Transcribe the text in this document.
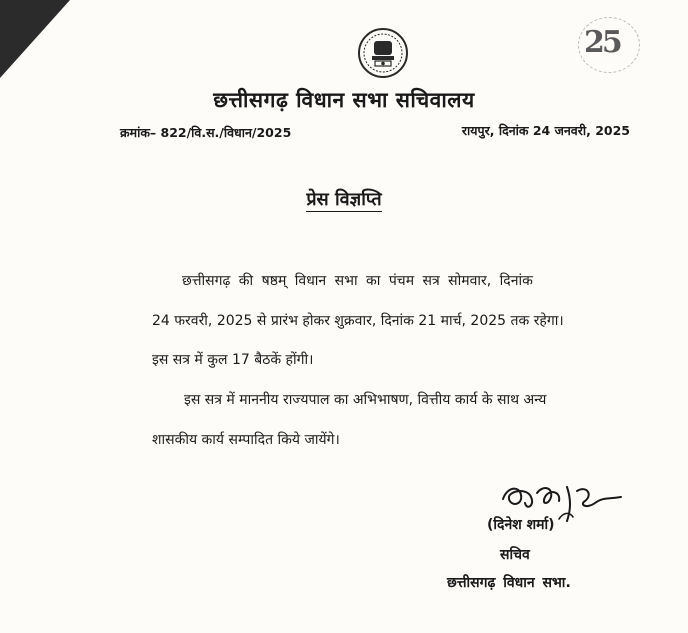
25
छत्तीसगढ़ विधान सभा सचिवालय
क्रमांक– 822/वि.स./विधान/2025	रायपुर, दिनांक 24 जनवरी, 2025
प्रेस विज्ञप्ति
छत्तीसगढ़ की षष्ठम् विधान सभा का पंचम सत्र सोमवार, दिनांक
24 फरवरी, 2025 से प्रारंभ होकर शुक्रवार, दिनांक 21 मार्च, 2025 तक रहेगा।
इस सत्र में कुल 17 बैठकें होंगी।
इस सत्र में माननीय राज्यपाल का अभिभाषण, वित्तीय कार्य के साथ अन्य
शासकीय कार्य सम्पादित किये जायेंगे।
(दिनेश शर्मा)
सचिव
छत्तीसगढ़ विधान सभा.
